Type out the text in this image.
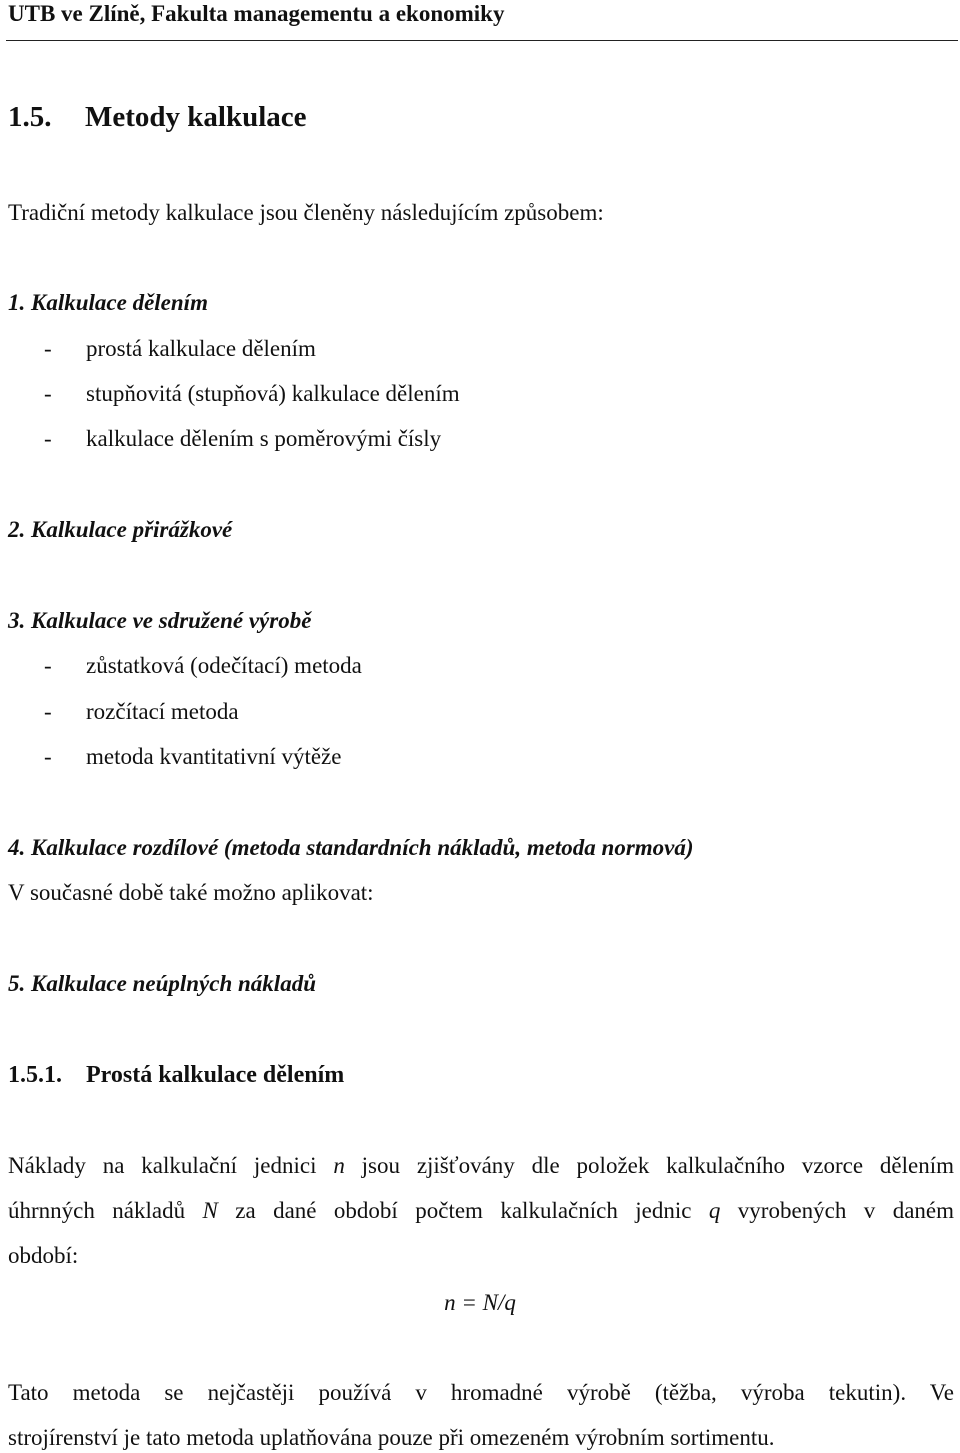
UTB ve Zlíně, Fakulta managementu a ekonomiky
1.5. Metody kalkulace
Tradiční metody kalkulace jsou členěny následujícím způsobem:
1. Kalkulace dělením
- prostá kalkulace dělením
- stupňovitá (stupňová) kalkulace dělením
- kalkulace dělením s poměrovými čísly
2. Kalkulace přirážkové
3. Kalkulace ve sdružené výrobě
- zůstatková (odečítací) metoda
- rozčítací metoda
- metoda kvantitativní výtěže
4. Kalkulace rozdílové (metoda standardních nákladů, metoda normová)
V současné době také možno aplikovat:
5. Kalkulace neúplných nákladů
1.5.1. Prostá kalkulace dělením
Náklady na kalkulační jednici n jsou zjišťovány dle položek kalkulačního vzorce dělením
úhrnných nákladů N za dané období počtem kalkulačních jednic q vyrobených v daném
období:
n = N/q
Tato metoda se nejčastěji používá v hromadné výrobě (těžba, výroba tekutin). Ve
strojírenství je tato metoda uplatňována pouze při omezeném výrobním sortimentu.
